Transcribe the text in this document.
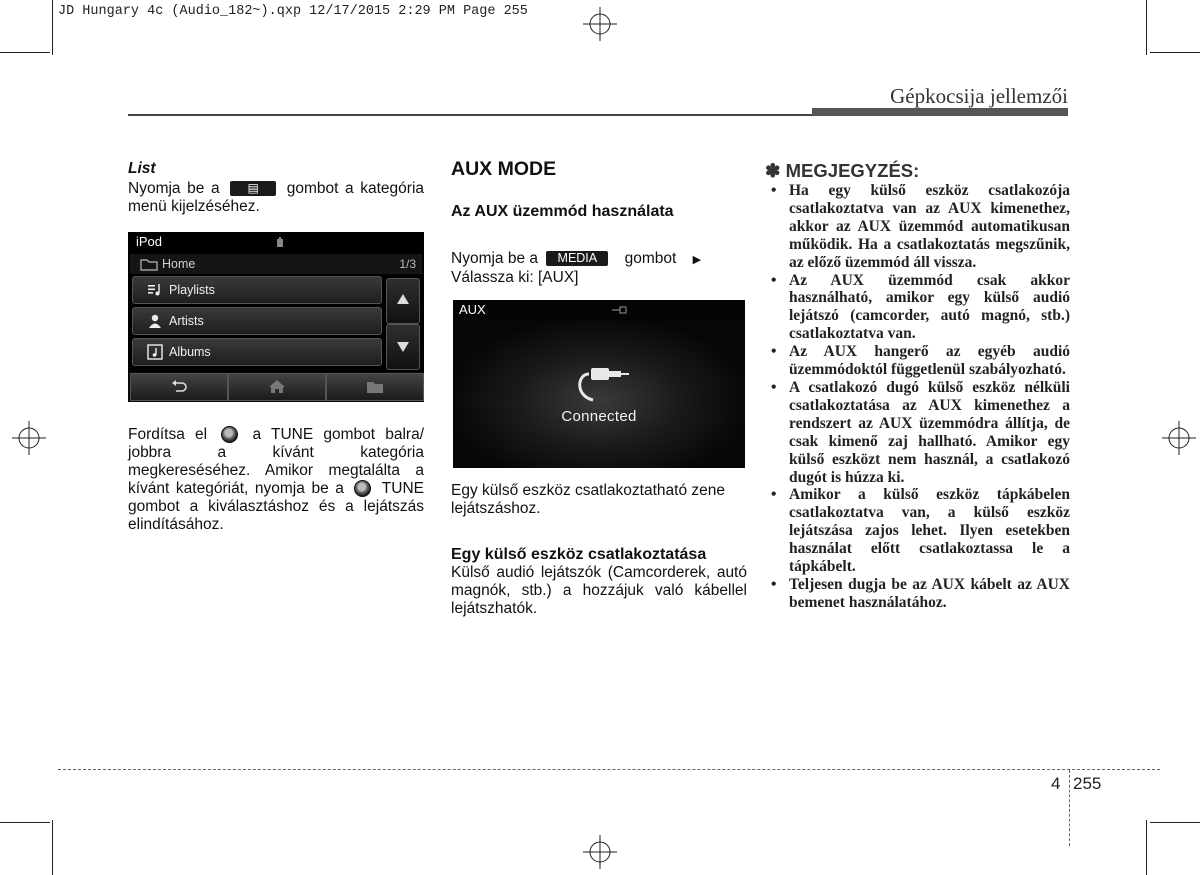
JD Hungary 4c (Audio_182~).qxp 12/17/2015 2:29 PM Page 255
Gépkocsija jellemzői
List
Nyomja be a ▤ gombot a kategória menü kijelzéséhez.
iPod
Home	1/3
Playlists
Artists
Albums
Fordítsa el	a TUNE gombot balra/ jobbra a kívánt kategória megkereséséhez. Amikor megtalálta a kívánt kategóriát, nyomja be a TUNE gombot a kiválasztáshoz és a lejátszás elindításához.
AUX MODE
Az AUX üzemmód használata
Nyomja be a MEDIA gombot ▶
Válassza ki: [AUX]
AUX
Connected
Egy külső eszköz csatlakoztatható zene lejátszáshoz.
Egy külső eszköz csatlakoztatása
Külső audió lejátszók (Camcorderek, autó magnók, stb.) a hozzájuk való kábellel lejátszhatók.
✽ MEGJEGYZÉS:
• Ha egy külső eszköz csatlakozója csatlakoztatva van az AUX kimenethez, akkor az AUX üzemmód automatikusan működik. Ha a csatlakoztatás megszűnik, az előző üzemmód áll vissza.
• Az AUX üzemmód csak akkor használható, amikor egy külső audió lejátszó (camcorder, autó magnó, stb.) csatlakoztatva van.
• Az AUX hangerő az egyéb audió üzemmódoktól függetlenül szabályozható.
• A csatlakozó dugó külső eszköz nélküli csatlakoztatása az AUX kimenethez a rendszert az AUX üzemmódra állítja, de csak kimenő zaj hallható. Amikor egy külső eszközt nem használ, a csatlakozó dugót is húzza ki.
• Amikor a külső eszköz tápkábelen csatlakoztatva van, a külső eszköz lejátszása zajos lehet. Ilyen esetekben használat előtt csatlakoztassa le a tápkábelt.
• Teljesen dugja be az AUX kábelt az AUX bemenet használatához.
4 255
